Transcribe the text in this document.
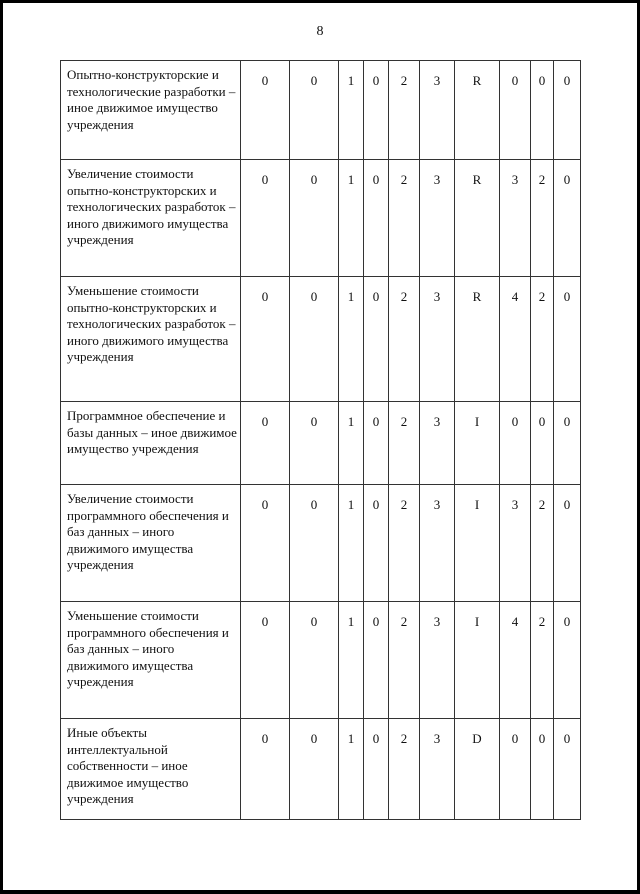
8
Опытно-конструкторские и технологические разработки – иное движимое имущество учреждения	0	0	1	0	2	3	R	0	0	0
Увеличение стоимости опытно-конструкторских и технологических разработок – иного движимого имущества учреждения	0	0	1	0	2	3	R	3	2	0
Уменьшение стоимости опытно-конструкторских и технологических разработок – иного движимого имущества учреждения	0	0	1	0	2	3	R	4	2	0
Программное обеспечение и базы данных – иное движимое имущество учреждения	0	0	1	0	2	3	I	0	0	0
Увеличение стоимости программного обеспечения и баз данных – иного движимого имущества учреждения	0	0	1	0	2	3	I	3	2	0
Уменьшение стоимости программного обеспечения и баз данных – иного движимого имущества учреждения	0	0	1	0	2	3	I	4	2	0
Иные объекты интеллектуальной собственности – иное движимое имущество учреждения	0	0	1	0	2	3	D	0	0	0
